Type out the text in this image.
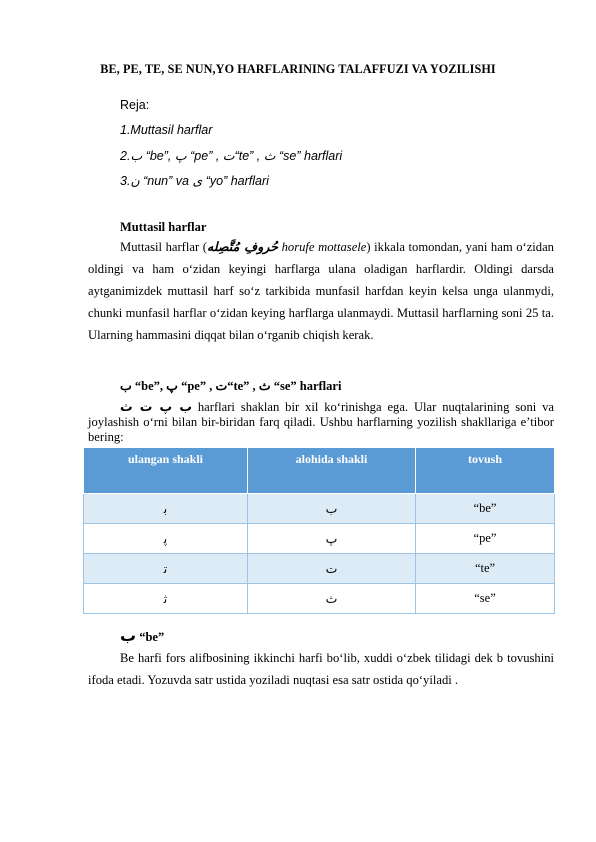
BE, PE, TE, SE NUN,YO HARFLARINING TALAFFUZI VA YOZILISHI
Reja:
1.Muttasil harflar
2.ب “be”, پ “pe” , ت“te” , ث “se” harflari
3.ن “nun” va ی “yo” harflari
Muttasil harflar
Muttasil harflar (حُروفِ مُتَّصِله horufe mottasele) ikkala tomondan, yani ham o‘zidan oldingi va ham o‘zidan keyingi harflarga ulana oladigan harflardir. Oldingi darsda aytganimizdek muttasil harf so‘z tarkibida munfasil harfdan keyin kelsa unga ulanmydi, chunki munfasil harflar o‘zidan keying harflarga ulanmaydi. Muttasil harflarning soni 25 ta. Ularning hammasini diqqat bilan o‘rganib chiqish kerak.
ب “be”, پ “pe” , ت“te” , ث “se” harflari
ب پ ت ث harflari shaklan bir xil ko‘rinishga ega. Ular nuqtalarining soni va joylashish o‘rni bilan bir-biridan farq qiladi. Ushbu harflarning yozilish shakllariga e’tibor bering:
ulangan shakli	alohida shakli	tovush
ﺑ	ب	“be”
ﭘ	پ	“pe”
ﺗ	ت	“te”
ﺛ	ث	“se”
ب “be”
Be harfi fors alifbosining ikkinchi harfi bo‘lib, xuddi o‘zbek tilidagi dek b tovushini ifoda etadi. Yozuvda satr ustida yoziladi nuqtasi esa satr ostida qo‘yiladi .
